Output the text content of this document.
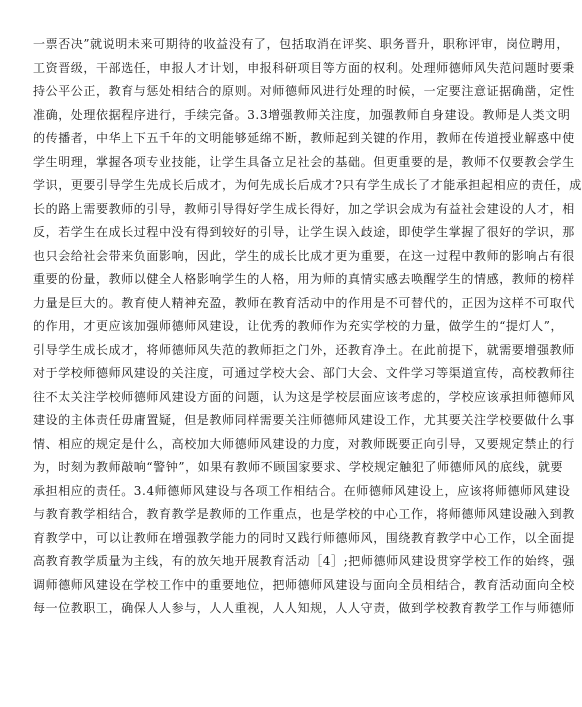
一票否决”就说明未来可期待的收益没有了，包括取消在评奖、职务晋升，职称评审，岗位聘用，

工资晋级，干部选任，申报人才计划，申报科研项目等方面的权利。处理师德师风失范问题时要秉

持公平公正，教育与惩处相结合的原则。对师德师风进行处理的时候，一定要注意证据确凿，定性

准确，处理依据程序进行，手续完备。3.3增强教师关注度，加强教师自身建设。教师是人类文明

的传播者，中华上下五千年的文明能够延绵不断，教师起到关键的作用，教师在传道授业解惑中使

学生明理，掌握各项专业技能，让学生具备立足社会的基础。但更重要的是，教师不仅要教会学生

学识，更要引导学生先成长后成才，为何先成长后成才?只有学生成长了才能承担起相应的责任，成

长的路上需要教师的引导，教师引导得好学生成长得好，加之学识会成为有益社会建设的人才，相

反，若学生在成长过程中没有得到较好的引导，让学生误入歧途，即使学生掌握了很好的学识，那

也只会给社会带来负面影响，因此，学生的成长比成才更为重要，在这一过程中教师的影响占有很

重要的份量，教师以健全人格影响学生的人格，用为师的真情实感去唤醒学生的情感，教师的榜样

力量是巨大的。教育使人精神充盈，教师在教育活动中的作用是不可替代的，正因为这样不可取代

的作用，才更应该加强师德师风建设，让优秀的教师作为充实学校的力量，做学生的“提灯人”，

引导学生成长成才，将师德师风失范的教师拒之门外，还教育净土。在此前提下，就需要增强教师

对于学校师德师风建设的关注度，可通过学校大会、部门大会、文件学习等渠道宣传，高校教师往

往不太关注学校师德师风建设方面的问题，认为这是学校层面应该考虑的，学校应该承担师德师风

建设的主体责任毋庸置疑，但是教师同样需要关注师德师风建设工作，尤其要关注学校要做什么事

情、相应的规定是什么，高校加大师德师风建设的力度，对教师既要正向引导，又要规定禁止的行

为，时刻为教师敲响“警钟”，如果有教师不顾国家要求、学校规定触犯了师德师风的底线，就要

承担相应的责任。3.4师德师风建设与各项工作相结合。在师德师风建设上，应该将师德师风建设

与教育教学相结合，教育教学是教师的工作重点，也是学校的中心工作，将师德师风建设融入到教

育教学中，可以让教师在增强教学能力的同时又践行师德师风，围绕教育教学中心工作，以全面提

高教育教学质量为主线，有的放矢地开展教育活动［4］;把师德师风建设贯穿学校工作的始终，强

调师德师风建设在学校工作中的重要地位，把师德师风建设与面向全员相结合，教育活动面向全校

每一位教职工，确保人人参与，人人重视，人人知规，人人守责，做到学校教育教学工作与师德师
